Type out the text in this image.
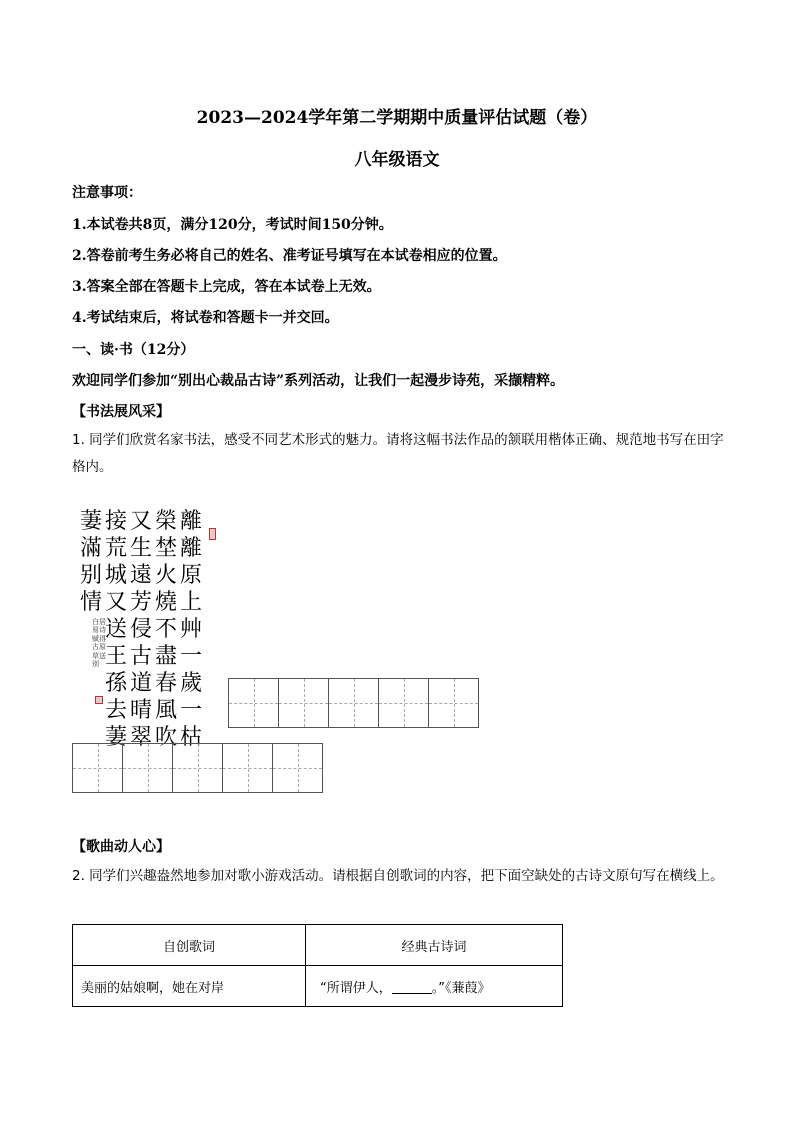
2023—2024学年第二学期期中质量评估试题（卷）
八年级语文
注意事项：
1.本试卷共8页，满分120分，考试时间150分钟。
2.答卷前考生务必将自己的姓名、准考证号填写在本试卷相应的位置。
3.答案全部在答题卡上完成，答在本试卷上无效。
4.考试结束后，将试卷和答题卡一并交回。
一、读·书（12分）
欢迎同学们参加“别出心裁品古诗”系列活动，让我们一起漫步诗苑，采撷精粹。
【书法展风采】
1. 同学们欣赏名家书法，感受不同艺术形式的魅力。请将这幅书法作品的颔联用楷体正确、规范地书写在田字格内。
離
離
原
上
艸
一
歲
一
枯
榮
埜
火
燒
不
盡
春
風
吹
又
生
遠
芳
侵
古
道
晴
翠
接
荒
城
又
送
王
孫
去
萋
萋
滿
别
情
白居易诗赋得古原草送别
【歌曲动人心】
2. 同学们兴趣盎然地参加对歌小游戏活动。请根据自创歌词的内容，把下面空缺处的古诗文原句写在横线上。
自创歌词	经典古诗词
美丽的姑娘啊，她在对岸	“所谓伊人， 。”《蒹葭》
